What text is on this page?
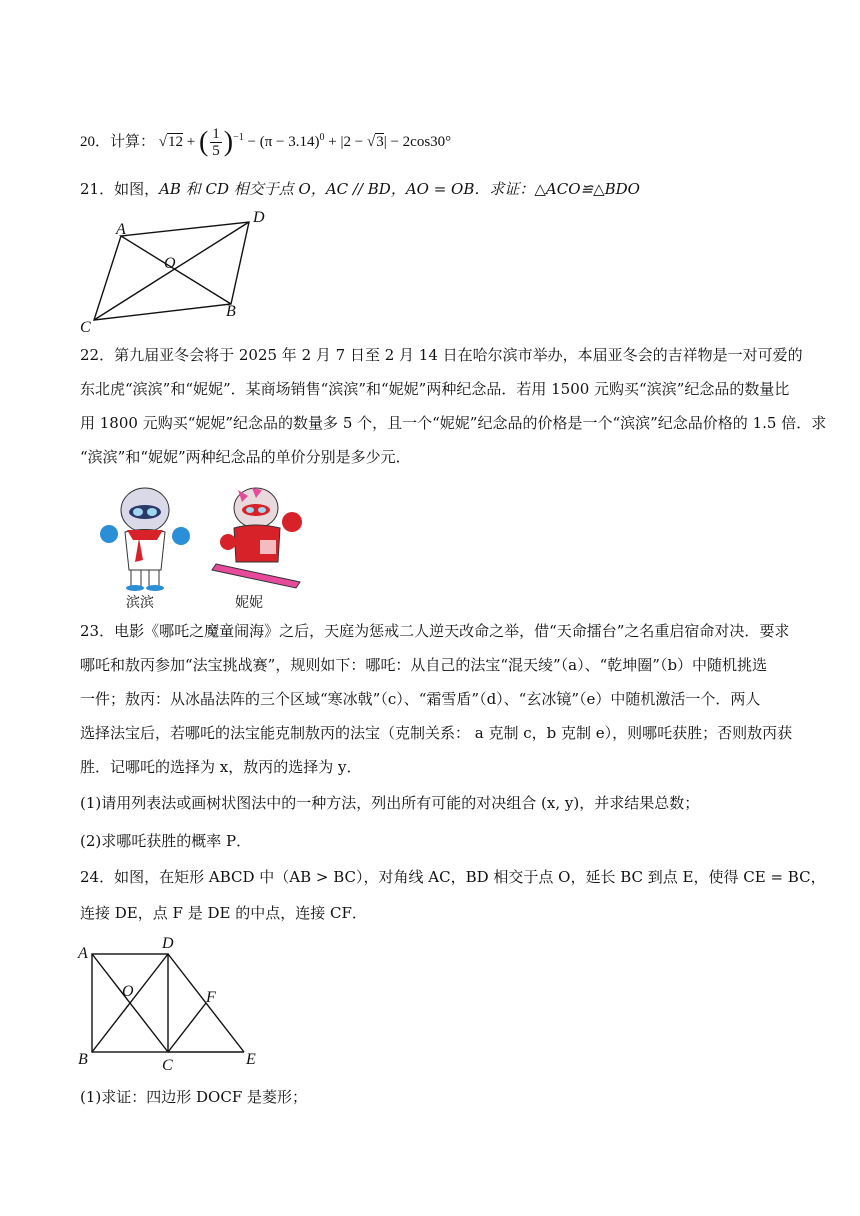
20．计算： √12 + ( $\frac{1}{5} )^{-1} - (\pi - 3.14)^0 + |2 - √3| - 2\cos 30^\circ$
21．如图，AB 和 CD 相交于点 O，AC // BD，AO = OB．求证：△ACO≌△BDO
A
D
O
B
C
22．第九届亚冬会将于 2025 年 2 月 7 日至 2 月 14 日在哈尔滨市举办，本届亚冬会的吉祥物是一对可爱的
东北虎“滨滨”和“妮妮”．某商场销售“滨滨”和“妮妮”两种纪念品．若用 1500 元购买“滨滨”纪念品的数量比
用 1800 元购买“妮妮”纪念品的数量多 5 个，且一个“妮妮”纪念品的价格是一个“滨滨”纪念品价格的 1.5 倍．求
“滨滨”和“妮妮”两种纪念品的单价分别是多少元．
滨滨	妮妮
23．电影《哪吒之魔童闹海》之后，天庭为惩戒二人逆天改命之举，借“天命擂台”之名重启宿命对决．要求
哪吒和敖丙参加“法宝挑战赛”，规则如下：哪吒：从自己的法宝“混天绫”（a）、“乾坤圈”（b）中随机挑选
一件；敖丙：从冰晶法阵的三个区域“寒冰戟”（c）、“霜雪盾”（d）、“玄冰镜”（e）中随机激活一个．两人
选择法宝后，若哪吒的法宝能克制敖丙的法宝（克制关系： a 克制 c，b 克制 e），则哪吒获胜；否则敖丙获
胜．记哪吒的选择为 x，敖丙的选择为 y．
(1)请用列表法或画树状图法中的一种方法，列出所有可能的对决组合 (x, y)，并求结果总数；
(2)求哪吒获胜的概率 P．
24．如图，在矩形 ABCD 中（AB > BC），对角线 AC，BD 相交于点 O，延长 BC 到点 E，使得 CE = BC，
连接 DE，点 F 是 DE 的中点，连接 CF．
A
D
O	F
B	C	E
(1)求证：四边形 DOCF 是菱形；
